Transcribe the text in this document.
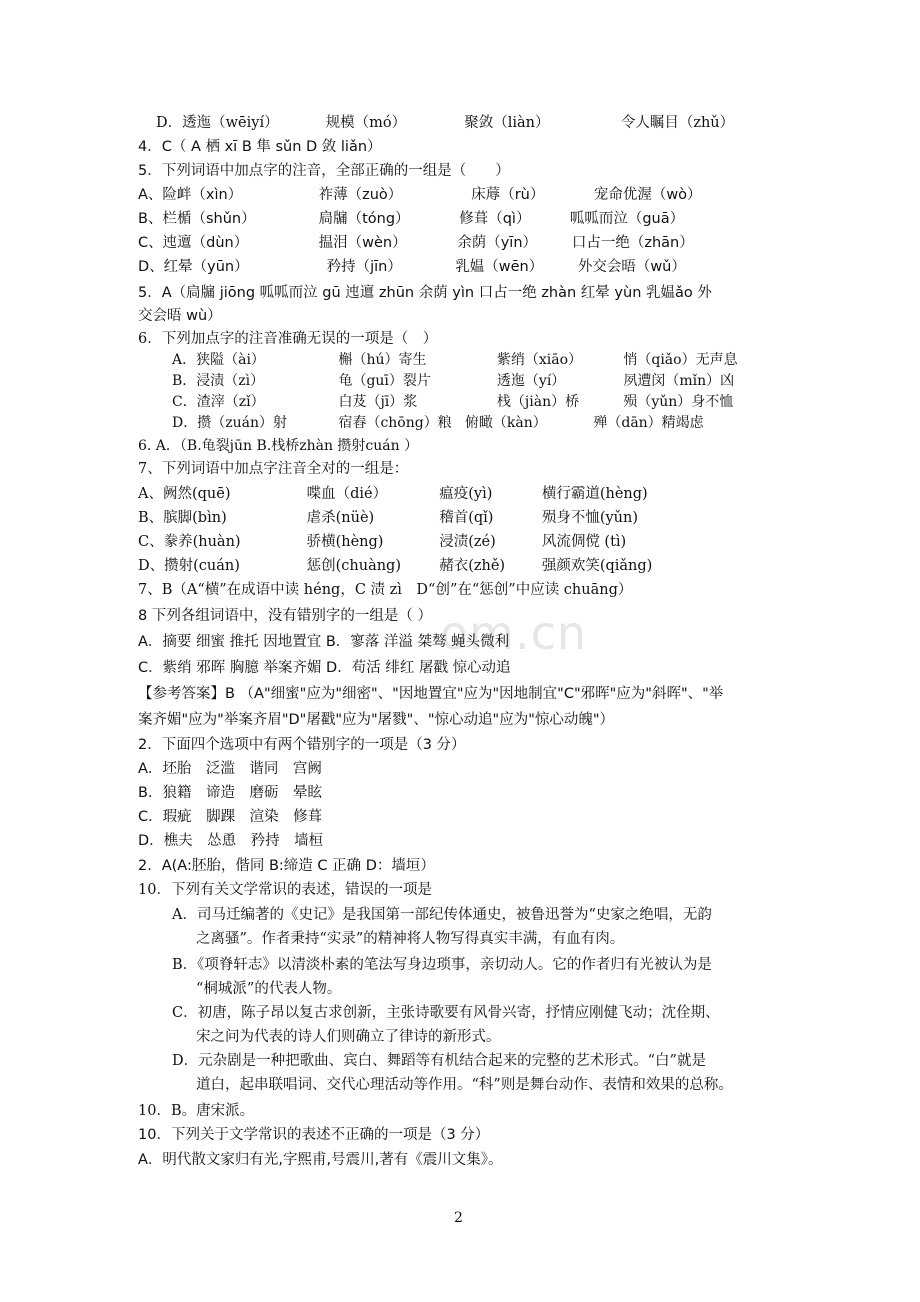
om.cn
D．透迤（wēiyí）	规模（mó）	聚敛（liàn）	令人瞩目（zhǔ）
4．C（ A 栖 xī B 隼 sǔn D 敛 liǎn）
5．下列词语中加点字的注音，全部正确的一组是（　　）
A、险衅（xìn）	祚薄（zuò）	床蓐（rù）	宠命优渥（wò）
B、栏楯（shǔn）	扃牖（tóng）	修葺（qì）	呱呱而泣（guā）
C、迍邅（dùn）	揾泪（wèn）	余荫（yīn） 口占一绝（zhān）
D、红晕（yūn）	矜持（jīn）	乳媪（wēn） 外交会晤（wǔ）
5．A（扃牖 jiōng 呱呱而泣 gū 迍邅 zhūn 余荫 yìn 口占一绝 zhàn 红晕 yùn 乳媪ǎo 外
交会晤 wù）
6．下列加点字的注音准确无误的一项是（　）
A．狭隘（ài）	槲（hú）寄生	紫绡（xiāo）	悄（qiǎo）无声息
B．浸渍（zì）	龟（guī）裂片	透迤（yí）	夙遭闵（mǐn）凶
C．渣滓（zǐ）	白芨（jī）浆	栈（jiàn）桥	殒（yǔn）身不恤
D．攒（zuán）射	宿舂（chōng）粮 俯瞰（kàn）	殚（dān）精竭虑
6. A．（B.龟裂jūn B.栈桥zhàn 攒射cuán ）
7、下列词语中加点字注音全对的一组是：
A、阙然(quē)	喋血（dié）	瘟疫(yì)	横行霸道(hèng)
B、膑脚(bìn)	虐杀(nüè)	稽首(qǐ)	殒身不恤(yǔn)
C、豢养(huàn)	骄横(hèng)	浸渍(zé)	风流倜傥 (tì)
D、攒射(cuán)	惩创(chuàng)	赭衣(zhě)	强颜欢笑(qiǎng)
7、B（A“横”在成语中读 héng，C 渍 zì　D“创”在“惩创”中应读 chuāng）
8 下列各组词语中，没有错别字的一组是（ ）
A．摘要 细蜜 推托 因地置宜 B．寥落 洋溢 桀骜 蝇头微利
C．紫绡 邪晖 胸臆 举案齐媚 D．苟活 绯红 屠戳 惊心动追
【参考答案】B （A"细蜜"应为"细密"、"因地置宜"应为"因地制宜"C"邪晖"应为"斜晖"、"举
案齐媚"应为"举案齐眉"D"屠戳"应为"屠戮"、"惊心动追"应为"惊心动魄"）
2．下面四个选项中有两个错别字的一项是（3 分）
A．坯胎　泛滥　谐同　宫阙
B．狼籍　谛造　磨砺　晕眩
C．瑕疵　脚踝　渲染　修葺
D．樵夫　怂恿　矜持　墙桓
2．A(A:胚胎，偕同 B:缔造 C 正确 D：墙垣）
10．下列有关文学常识的表述，错误的一项是
A．司马迁编著的《史记》是我国第一部纪传体通史，被鲁迅誉为“史家之绝唱，无韵
之离骚”。作者秉持“实录”的精神将人物写得真实丰满，有血有肉。
B．《项脊轩志》以清淡朴素的笔法写身边琐事，亲切动人。它的作者归有光被认为是
“桐城派”的代表人物。
C．初唐，陈子昂以复古求创新，主张诗歌要有风骨兴寄，抒情应刚健飞动；沈佺期、
宋之问为代表的诗人们则确立了律诗的新形式。
D．元杂剧是一种把歌曲、宾白、舞蹈等有机结合起来的完整的艺术形式。“白”就是
道白，起串联唱词、交代心理活动等作用。“科”则是舞台动作、表情和效果的总称。
10．B。唐宋派。
10．下列关于文学常识的表述不正确的一项是（3 分）
A．明代散文家归有光,字熙甫,号震川,著有《震川文集》。
2
